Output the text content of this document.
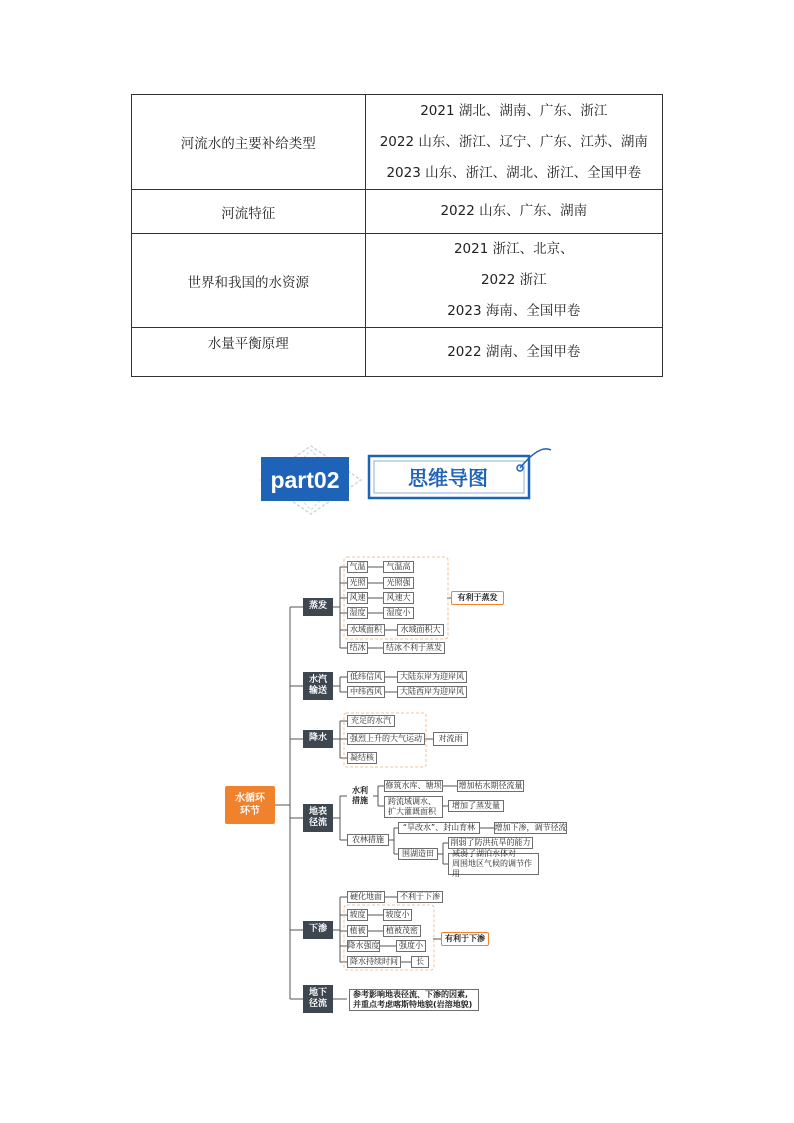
河流水的主要补给类型	2021 湖北、湖南、广东、浙江
2022 山东、浙江、辽宁、广东、江苏、湖南
2023 山东、浙江、湖北、浙江、全国甲卷

河流特征	2022 山东、广东、湖南

世界和我国的水资源	2021 浙江、北京、
2022 浙江
2023 海南、全国甲卷

水量平衡原理	2022 湖南、全国甲卷
part02	思维导图
水循环
环节
蒸发
水汽
输送
降水
地表
径流
下渗
地下
径流
气温	气温高
光照	光照强
风速	风速大
湿度	湿度小
水域面积	水域面积大
有利于蒸发
结冰	结冰不利于蒸发
低纬信风	大陆东岸为迎岸风
中纬西风	大陆西岸为迎岸风
充足的水汽
强烈上升的大气运动
凝结核
对流雨
水利
措施
修筑水库、塘坝 增加枯水期径流量
跨流域调水、
扩大灌溉面积
增加了蒸发量
农林措施
“旱改水”、封山育林	增加下渗，调节径流
围湖造田
削弱了防洪抗旱的能力
减弱了湖泊水体对
周围地区气候的调节作用
硬化地面	不利于下渗
坡度	坡度小
植被	植被茂密
降水强度	强度小
降水持续时间	长
有利于下渗
参考影响地表径流、下渗的因素,
并重点考虑喀斯特地貌(岩溶地貌)
